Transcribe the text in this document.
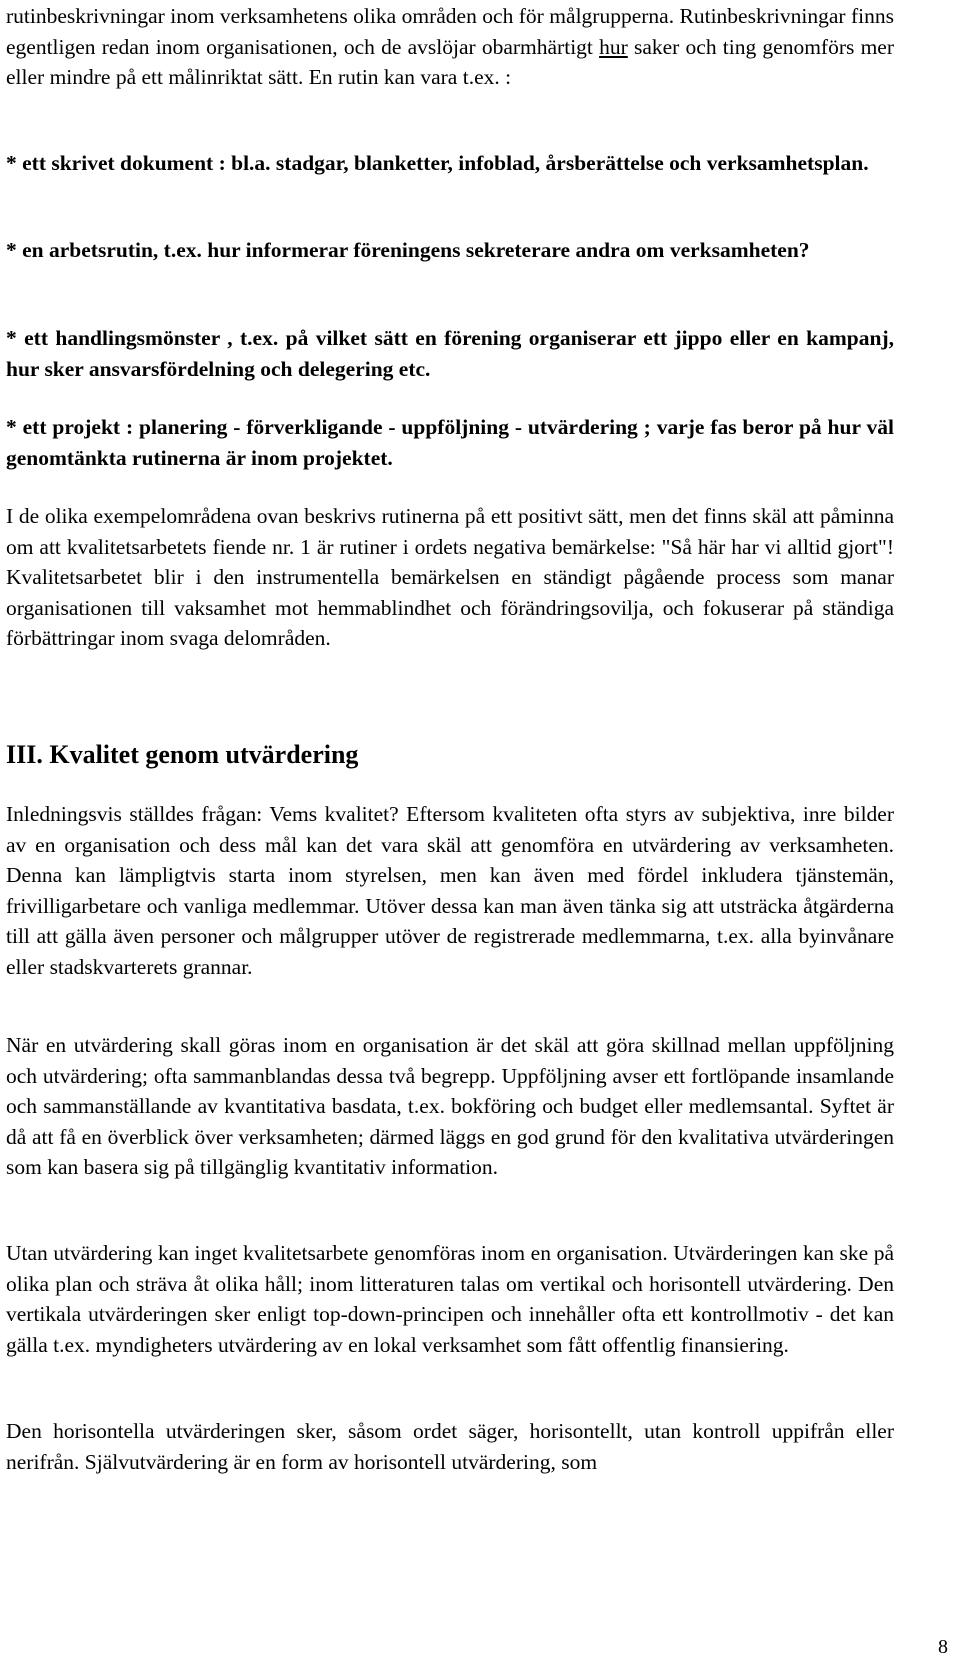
rutinbeskrivningar inom verksamhetens olika områden och för målgrupperna. Rutinbeskrivningar finns egentligen redan inom organisationen, och de avslöjar obarmhärtigt hur saker och ting genomförs mer eller mindre på ett målinriktat sätt. En rutin kan vara t.ex. :

* ett skrivet dokument : bl.a. stadgar, blanketter, infoblad, årsberättelse och verksamhetsplan.

* en arbetsrutin, t.ex. hur informerar föreningens sekreterare andra om verksamheten?

* ett handlingsmönster , t.ex. på vilket sätt en förening organiserar ett jippo eller en kampanj, hur sker ansvarsfördelning och delegering etc.

* ett projekt : planering - förverkligande - uppföljning - utvärdering ; varje fas beror på hur väl genomtänkta rutinerna är inom projektet.

I de olika exempelområdena ovan beskrivs rutinerna på ett positivt sätt, men det finns skäl att påminna om att kvalitetsarbetets fiende nr. 1 är rutiner i ordets negativa bemärkelse: "Så här har vi alltid gjort"! Kvalitetsarbetet blir i den instrumentella bemärkelsen en ständigt pågående process som manar organisationen till vaksamhet mot hemmablindhet och förändringsovilja, och fokuserar på ständiga förbättringar inom svaga delområden.

III. Kvalitet genom utvärdering

Inledningsvis ställdes frågan: Vems kvalitet? Eftersom kvaliteten ofta styrs av subjektiva, inre bilder av en organisation och dess mål kan det vara skäl att genomföra en utvärdering av verksamheten. Denna kan lämpligtvis starta inom styrelsen, men kan även med fördel inkludera tjänstemän, frivilligarbetare och vanliga medlemmar. Utöver dessa kan man även tänka sig att utsträcka åtgärderna till att gälla även personer och målgrupper utöver de registrerade medlemmarna, t.ex. alla byinvånare eller stadskvarterets grannar.

När en utvärdering skall göras inom en organisation är det skäl att göra skillnad mellan uppföljning och utvärdering; ofta sammanblandas dessa två begrepp. Uppföljning avser ett fortlöpande insamlande och sammanställande av kvantitativa basdata, t.ex. bokföring och budget eller medlemsantal. Syftet är då att få en överblick över verksamheten; därmed läggs en god grund för den kvalitativa utvärderingen som kan basera sig på tillgänglig kvantitativ information.

Utan utvärdering kan inget kvalitetsarbete genomföras inom en organisation. Utvärderingen kan ske på olika plan och sträva åt olika håll; inom litteraturen talas om vertikal och horisontell utvärdering. Den vertikala utvärderingen sker enligt top-down-principen och innehåller ofta ett kontrollmotiv - det kan gälla t.ex. myndigheters utvärdering av en lokal verksamhet som fått offentlig finansiering.

Den horisontella utvärderingen sker, såsom ordet säger, horisontellt, utan kontroll uppifrån eller nerifrån. Självutvärdering är en form av horisontell utvärdering, som

8
